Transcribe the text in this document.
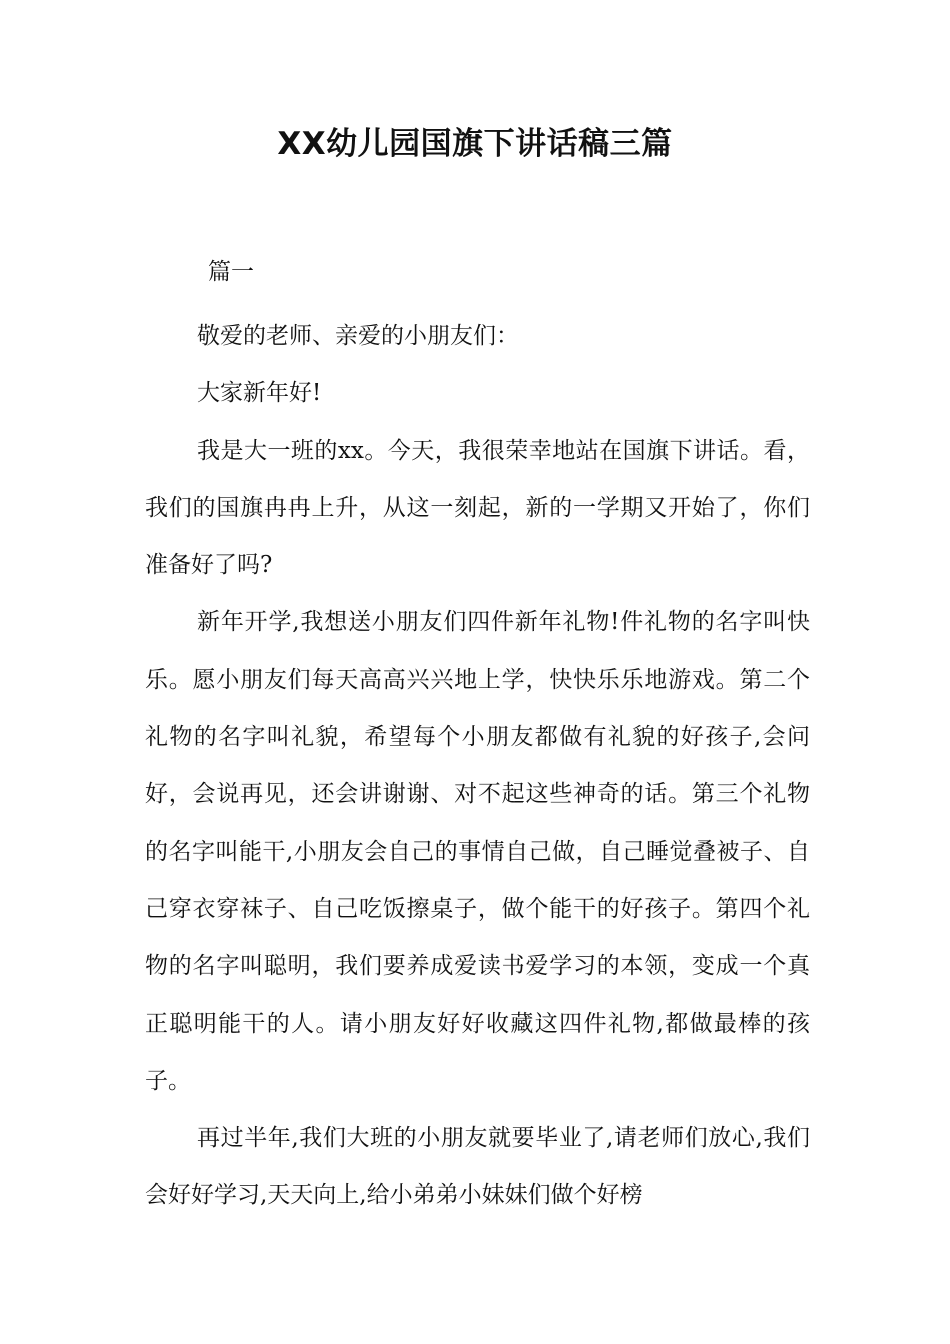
XX幼儿园国旗下讲话稿三篇

篇一

敬爱的老师、亲爱的小朋友们：

大家新年好!

我是大一班的xx。今天，我很荣幸地站在国旗下讲话。看，我们的国旗冉冉上升，从这一刻起，新的一学期又开始了，你们准备好了吗?

新年开学,我想送小朋友们四件新年礼物!件礼物的名字叫快乐。愿小朋友们每天高高兴兴地上学，快快乐乐地游戏。第二个礼物的名字叫礼貌，希望每个小朋友都做有礼貌的好孩子,会问好，会说再见，还会讲谢谢、对不起这些神奇的话。第三个礼物的名字叫能干,小朋友会自己的事情自己做，自己睡觉叠被子、自己穿衣穿袜子、自己吃饭擦桌子，做个能干的好孩子。第四个礼物的名字叫聪明，我们要养成爱读书爱学习的本领，变成一个真正聪明能干的人。请小朋友好好收藏这四件礼物,都做最棒的孩子。

再过半年,我们大班的小朋友就要毕业了,请老师们放心,我们会好好学习,天天向上,给小弟弟小妹妹们做个好榜
